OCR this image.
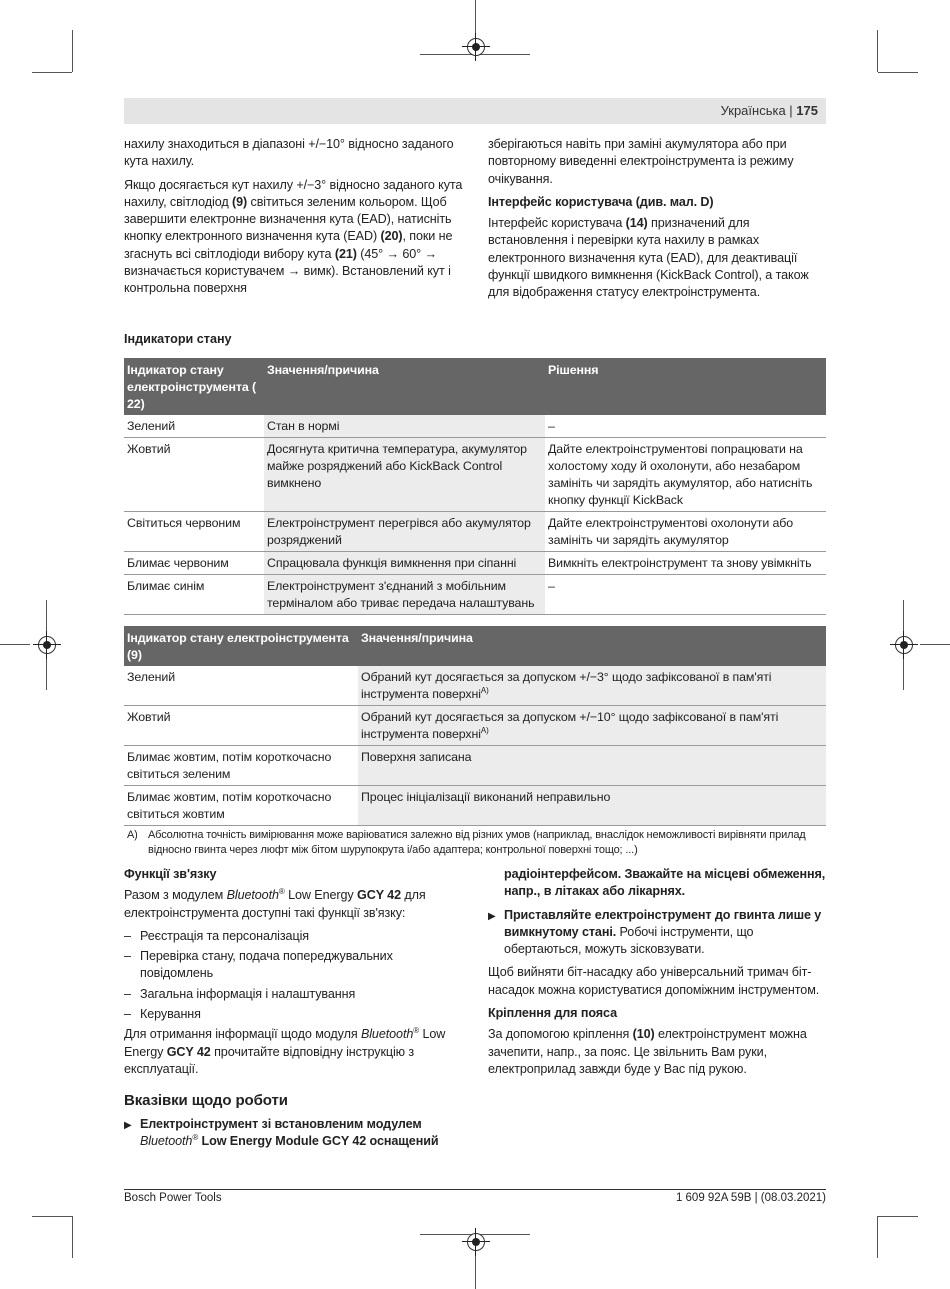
Українська | 175

нахилу знаходиться в діапазоні +/−10° відносно заданого кута нахилу.

Якщо досягається кут нахилу +/−3° відносно заданого кута нахилу, світлодіод (9) світиться зеленим кольором. Щоб завершити електронне визначення кута (EAD), натисніть кнопку електронного визначення кута (EAD) (20), поки не згаснуть всі світлодіоди вибору кута (21) (45° → 60° → визначається користувачем → вимк). Встановлений кут і контрольна поверхня

зберігаються навіть при заміні акумулятора або при повторному виведенні електроінструмента із режиму очікування.

Інтерфейс користувача (див. мал. D)

Інтерфейс користувача (14) призначений для встановлення і перевірки кута нахилу в рамках електронного визначення кута (EAD), для деактивації функції швидкого вимкнення (KickBack Control), а також для відображення статусу електроінструмента.

Індикатори стану
Індикатор стану електроінструмента ( 22)	Значення/причина	Рішення
Зелений	Стан в нормі	–
Жовтий	Досягнута критична температура, акумулятор майже розряджений або KickBack Control вимкнено	Дайте електроінструментові попрацювати на холостому ходу й охолонути, або незабаром замініть чи зарядіть акумулятор, або натисніть кнопку функції KickBack
Світиться червоним	Електроінструмент перегрівся або акумулятор розряджений	Дайте електроінструментові охолонути або замініть чи зарядіть акумулятор
Блимає червоним	Спрацювала функція вимкнення при сіпанні	Вимкніть електроінструмент та знову увімкніть
Блимає синім	Електроінструмент з'єднаний з мобільним терміналом або триває передача налаштувань	–
Індикатор стану електроінструмента (9)	Значення/причина
Зелений	Обраний кут досягається за допуском +/−3° щодо зафіксованої в пам'яті інструмента поверхні$^{A)}$
Жовтий	Обраний кут досягається за допуском +/−10° щодо зафіксованої в пам'яті інструмента поверхні$^{A)}$
Блимає жовтим, потім короткочасно світиться зеленим	Поверхня записана
Блимає жовтим, потім короткочасно світиться жовтим	Процес ініціалізації виконаний неправильно
A) Абсолютна точність вимірювання може варіюватися залежно від різних умов (наприклад, внаслідок неможливості вирівняти прилад відносно гвинта через люфт між бітом шурупокрута і/або адаптера; контрольної поверхні тощо; ...)

Функції зв'язку

Разом з модулем Bluetooth® Low Energy GCY 42 для електроінструмента доступні такі функції зв'язку:

– Реєстрація та персоналізація
– Перевірка стану, подача попереджувальних повідомлень
– Загальна інформація і налаштування
– Керування

Для отримання інформації щодо модуля Bluetooth® Low Energy GCY 42 прочитайте відповідну інструкцію з експлуатації.

Вказівки щодо роботи

▶ Електроінструмент зі встановленим модулем Bluetooth® Low Energy Module GCY 42 оснащений

радіоінтерфейсом. Зважайте на місцеві обмеження, напр., в літаках або лікарнях.

▶ Приставляйте електроінструмент до гвинта лише у вимкнутому стані. Робочі інструменти, що обертаються, можуть зісковзувати.

Щоб вийняти біт-насадку або універсальний тримач біт-насадок можна користуватися допоміжним інструментом.

Кріплення для пояса

За допомогою кріплення (10) електроінструмент можна зачепити, напр., за пояс. Це звільнить Вам руки, електроприлад завжди буде у Вас під рукою.

Bosch Power Tools	1 609 92A 59B | (08.03.2021)
